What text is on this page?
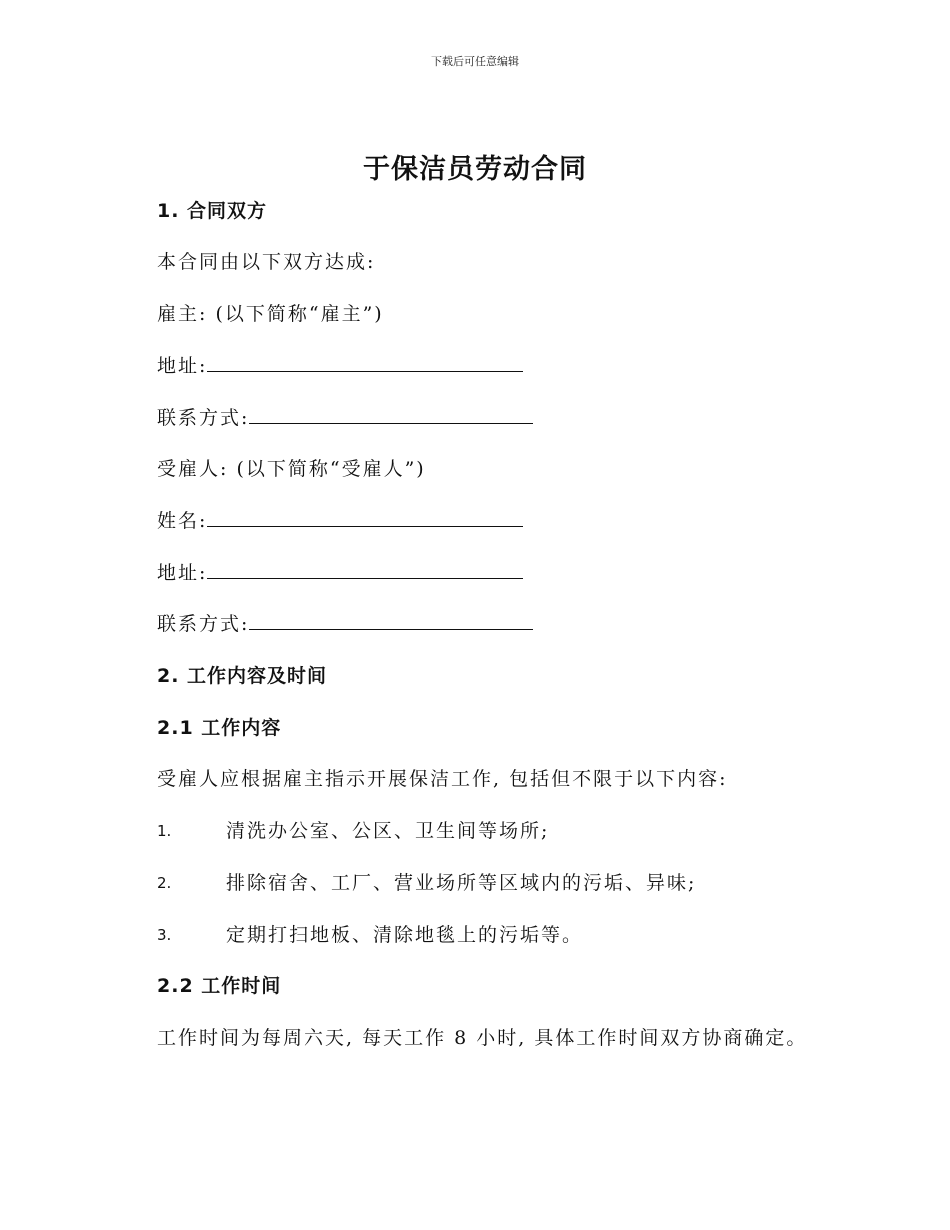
下载后可任意编辑
于保洁员劳动合同
1. 合同双方
本合同由以下双方达成:
雇主: (以下简称“雇主”)
地址:
联系方式:
受雇人: (以下简称“受雇人”)
姓名:
地址:
联系方式:
2. 工作内容及时间
2.1 工作内容
受雇人应根据雇主指示开展保洁工作, 包括但不限于以下内容:
1.	清洗办公室、公区、卫生间等场所;
2.	排除宿舍、工厂、营业场所等区域内的污垢、异味;
3.	定期打扫地板、清除地毯上的污垢等。
2.2 工作时间
工作时间为每周六天, 每天工作 8 小时, 具体工作时间双方协商确定。
